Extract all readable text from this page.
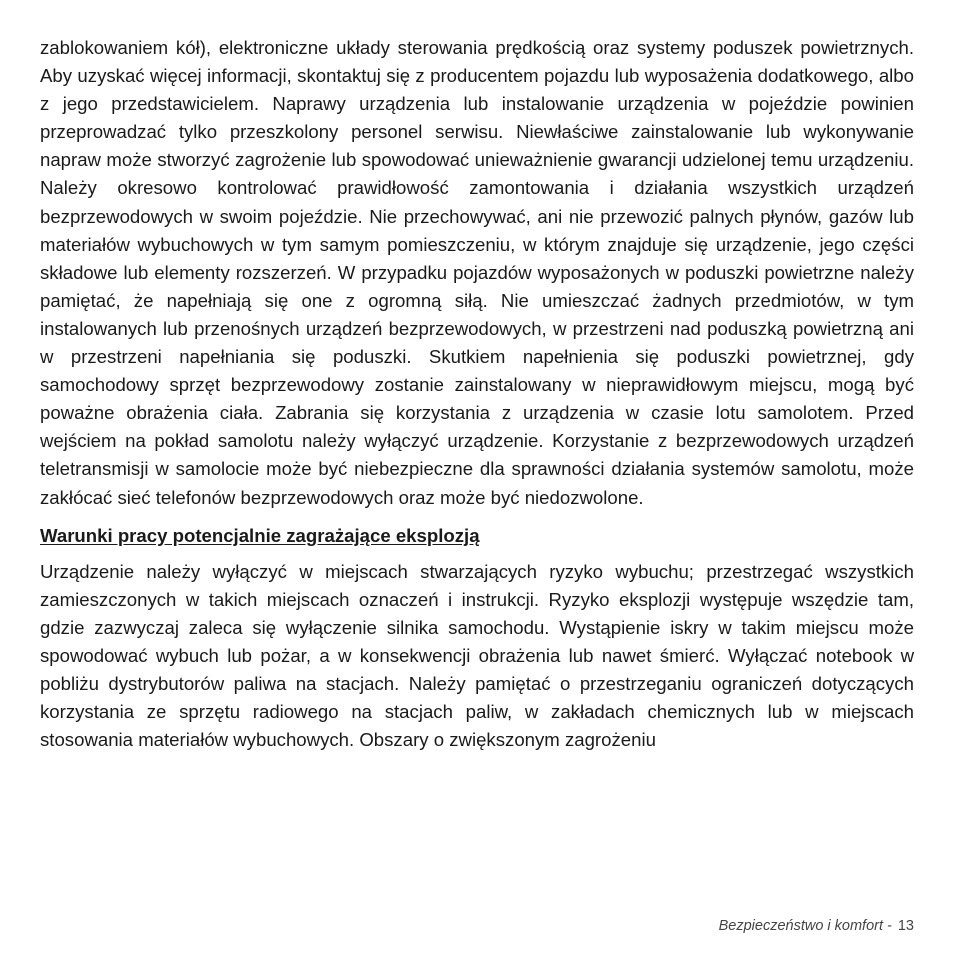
zablokowaniem kół), elektroniczne układy sterowania prędkością oraz systemy poduszek powietrznych. Aby uzyskać więcej informacji, skontaktuj się z producentem pojazdu lub wyposażenia dodatkowego, albo z jego przedstawicielem. Naprawy urządzenia lub instalowanie urządzenia w pojeździe powinien przeprowadzać tylko przeszkolony personel serwisu. Niewłaściwe zainstalowanie lub wykonywanie napraw może stworzyć zagrożenie lub spowodować unieważnienie gwarancji udzielonej temu urządzeniu. Należy okresowo kontrolować prawidłowość zamontowania i działania wszystkich urządzeń bezprzewodowych w swoim pojeździe. Nie przechowywać, ani nie przewozić palnych płynów, gazów lub materiałów wybuchowych w tym samym pomieszczeniu, w którym znajduje się urządzenie, jego części składowe lub elementy rozszerzeń. W przypadku pojazdów wyposażonych w poduszki powietrzne należy pamiętać, że napełniają się one z ogromną siłą. Nie umieszczać żadnych przedmiotów, w tym instalowanych lub przenośnych urządzeń bezprzewodowych, w przestrzeni nad poduszką powietrzną ani w przestrzeni napełniania się poduszki. Skutkiem napełnienia się poduszki powietrznej, gdy samochodowy sprzęt bezprzewodowy zostanie zainstalowany w nieprawidłowym miejscu, mogą być poważne obrażenia ciała. Zabrania się korzystania z urządzenia w czasie lotu samolotem. Przed wejściem na pokład samolotu należy wyłączyć urządzenie. Korzystanie z bezprzewodowych urządzeń teletransmisji w samolocie może być niebezpieczne dla sprawności działania systemów samolotu, może zakłócać sieć telefonów bezprzewodowych oraz może być niedozwolone.

Warunki pracy potencjalnie zagrażające eksplozją

Urządzenie należy wyłączyć w miejscach stwarzających ryzyko wybuchu; przestrzegać wszystkich zamieszczonych w takich miejscach oznaczeń i instrukcji. Ryzyko eksplozji występuje wszędzie tam, gdzie zazwyczaj zaleca się wyłączenie silnika samochodu. Wystąpienie iskry w takim miejscu może spowodować wybuch lub pożar, a w konsekwencji obrażenia lub nawet śmierć. Wyłączać notebook w pobliżu dystrybutorów paliwa na stacjach. Należy pamiętać o przestrzeganiu ograniczeń dotyczących korzystania ze sprzętu radiowego na stacjach paliw, w zakładach chemicznych lub w miejscach stosowania materiałów wybuchowych. Obszary o zwiększonym zagrożeniu

Bezpieczeństwo i komfort - 13
